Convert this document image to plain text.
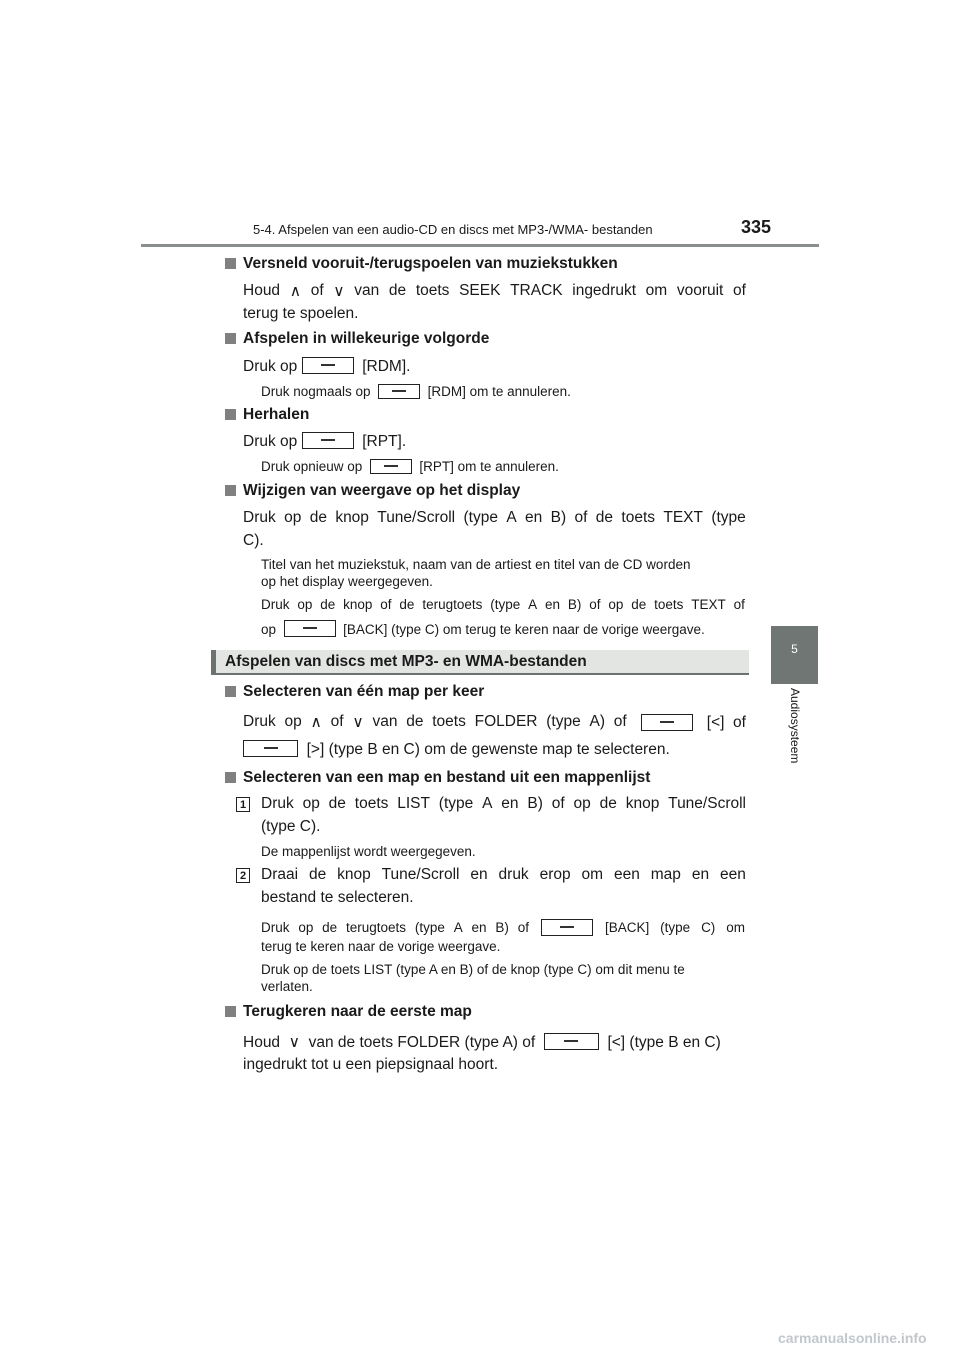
5-4. Afspelen van een audio-CD en discs met MP3-/WMA- bestanden	335
5
Audiosysteem
Versneld vooruit-/terugspoelen van muziekstukken
Houd ∧ of ∨ van de toets SEEK TRACK ingedrukt om vooruit of
terug te spoelen.
Afspelen in willekeurige volgorde
Druk op	[RDM].
Druk nogmaals op	[RDM] om te annuleren.
Herhalen
Druk op	[RPT].
Druk opnieuw op	[RPT] om te annuleren.
Wijzigen van weergave op het display
Druk op de knop Tune/Scroll (type A en B) of de toets TEXT (type
C).
Titel van het muziekstuk, naam van de artiest en titel van de CD worden
op het display weergegeven.
Druk op de knop of de terugtoets (type A en B) of op de toets TEXT of
op	[BACK] (type C) om terug te keren naar de vorige weergave.
Afspelen van discs met MP3- en WMA-bestanden
Selecteren van één map per keer
Druk op ∧ of ∨ van de toets FOLDER (type A) of	[<]  of
[>] (type B en C) om de gewenste map te selecteren.
Selecteren van een map en bestand uit een mappenlijst
1 Druk op de toets LIST (type A en B) of op de knop Tune/Scroll
(type C).
De mappenlijst wordt weergegeven.
2 Draai de knop Tune/Scroll en druk erop om een map en een
bestand te selecteren.
Druk op de terugtoets (type A en B) of	[BACK] (type C) om
terug te keren naar de vorige weergave.
Druk op de toets LIST (type A en B) of de knop (type C) om dit menu te
verlaten.
Terugkeren naar de eerste map
Houd  ∨  van de toets FOLDER (type A) of	[<] (type B en C)
ingedrukt tot u een piepsignaal hoort.
carmanualsonline.info
